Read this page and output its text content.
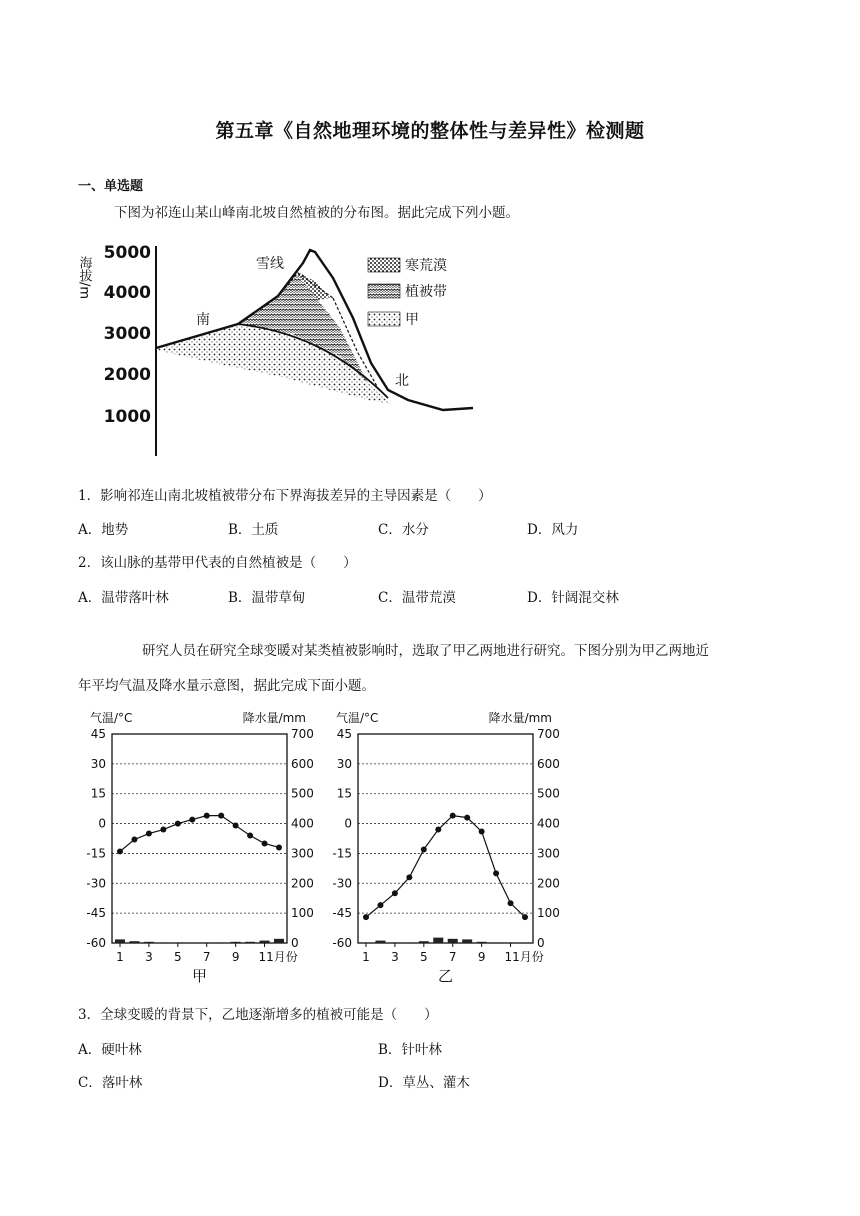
第五章《自然地理环境的整体性与差异性》检测题
一、单选题
下图为祁连山某山峰南北坡自然植被的分布图。据此完成下列小题。
5000
4000
3000
2000
1000
海拔/m	雪线
南
北
寒荒漠
植被带
甲
1．影响祁连山南北坡植被带分布下界海拔差异的主导因素是（　　）
A．地势	B．土质	C．水分	D．风力
2．该山脉的基带甲代表的自然植被是（　　）
A．温带落叶林	B．温带草甸	C．温带荒漠	D．针阔混交林
研究人员在研究全球变暖对某类植被影响时，选取了甲乙两地进行研究。下图分别为甲乙两地近
年平均气温及降水量示意图，据此完成下面小题。
气温/°C	降水量/mm
45
30
15
0
-15
-30
-45
-60
700
600
500
400
300
200
100
0
1 3 5 7 9 11月份
甲
气温/°C	降水量/mm
45
30
15
0
-15
-30
-45
-60
700
600
500
400
300
200
100
0
1 3 5 7 9 11月份
乙
3．全球变暖的背景下，乙地逐渐增多的植被可能是（　　）
A．硬叶林	B．针叶林
C．落叶林	D．草丛、灌木
